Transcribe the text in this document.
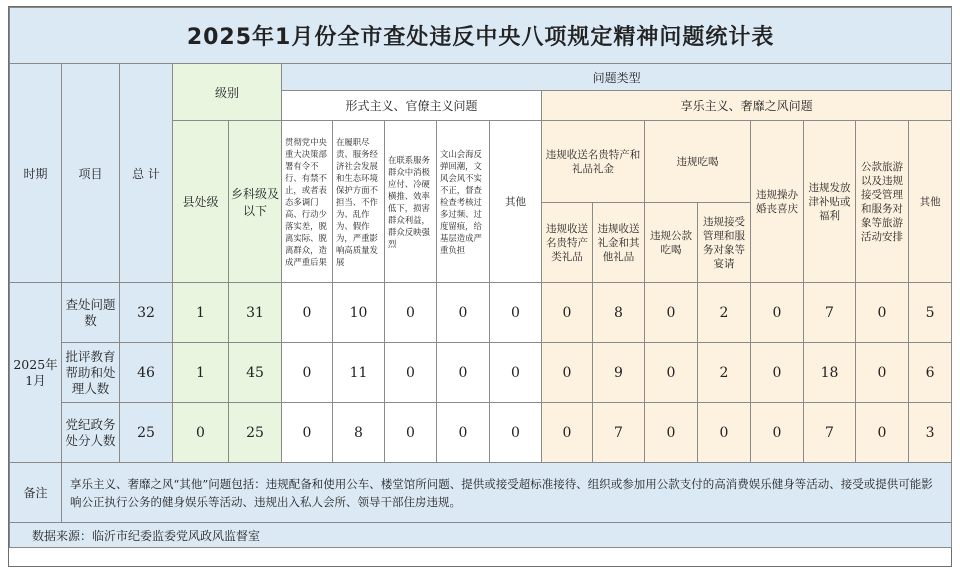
2025年1月份全市查处违反中央八项规定精神问题统计表																	
时期	项目	总 计	级别		问题类型												
					形式主义、官僚主义问题					享乐主义、奢靡之风问题							
			县处级	乡科级及以下	贯彻党中央重大决策部署有令不行、有禁不止，或者表态多调门高、行动少落实差，脱离实际、脱离群众，造成严重后果	在履职尽责、服务经济社会发展和生态环境保护方面不担当、不作为、乱作为、假作为，严重影响高质量发展	在联系服务群众中消极应付、冷硬横推、效率低下，损害群众利益，群众反映强烈	文山会海反弹回潮，文风会风不实不正，督查检查考核过多过频、过度留痕，给基层造成严重负担	其他	违规收送名贵特产和礼品礼金		违规吃喝		违规操办婚丧喜庆	违规发放津补贴或福利	公款旅游以及违规接受管理和服务对象等旅游活动安排	其他
										违规收送名贵特产类礼品	违规收送礼金和其他礼品	违规公款吃喝	违规接受管理和服务对象等宴请				
2025年1月	查处问题数	32	1	31	0	10	0	0	0	0	8	0	2	0	7	0	5
	批评教育帮助和处理人数	46	1	45	0	11	0	0	0	0	9	0	2	0	18	0	6
	党纪政务处分人数	25	0	25	0	8	0	0	0	0	7	0	0	0	7	0	3
备注	享乐主义、奢靡之风“其他”问题包括：违规配备和使用公车、楼堂馆所问题、提供或接受超标准接待、组织或参加用公款支付的高消费娱乐健身等活动、接受或提供可能影响公正执行公务的健身娱乐等活动、违规出入私人会所、领导干部住房违规。																
数据来源：临沂市纪委监委党风政风监督室																	
